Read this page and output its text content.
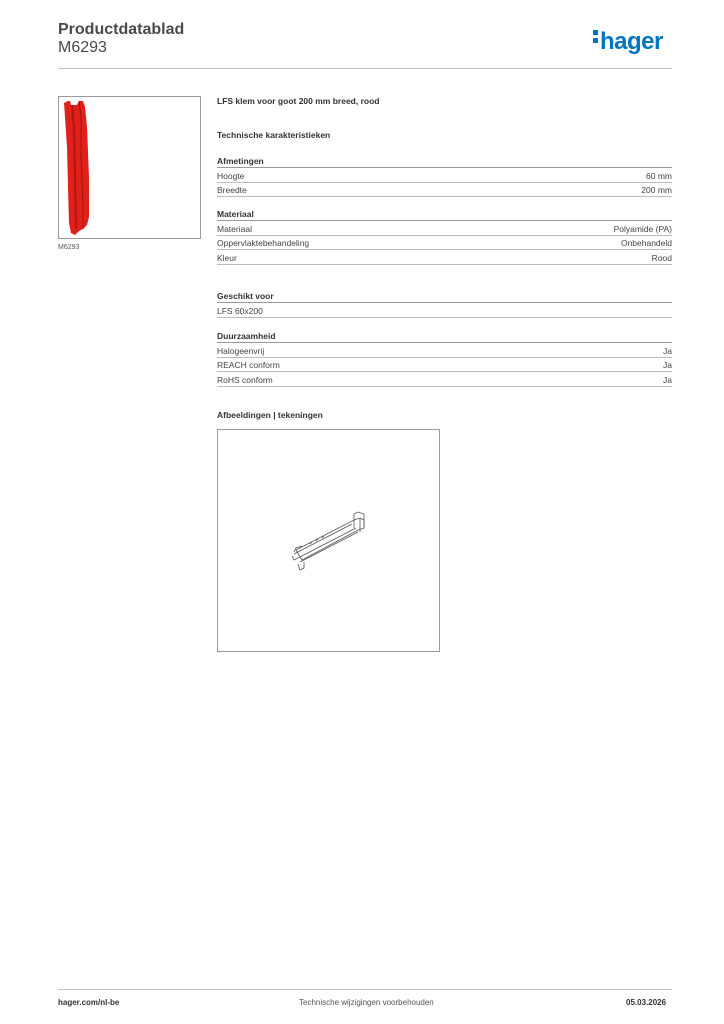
Productdatablad
M6293	hager
M6293
LFS klem voor goot 200 mm breed, rood
Technische karakteristieken
Afmetingen
Hoogte	60 mm
Breedte	200 mm
Materiaal
Materiaal	Polyamide (PA)
Oppervlaktebehandeling	Onbehandeld
Kleur	Rood
Geschikt voor
LFS 60x200
Duurzaamheid
Halogeenvrij	Ja
REACH conform	Ja
RoHS conform	Ja
Afbeeldingen | tekeningen
hager.com/nl-be	Technische wijzigingen voorbehouden	05.03.2026
